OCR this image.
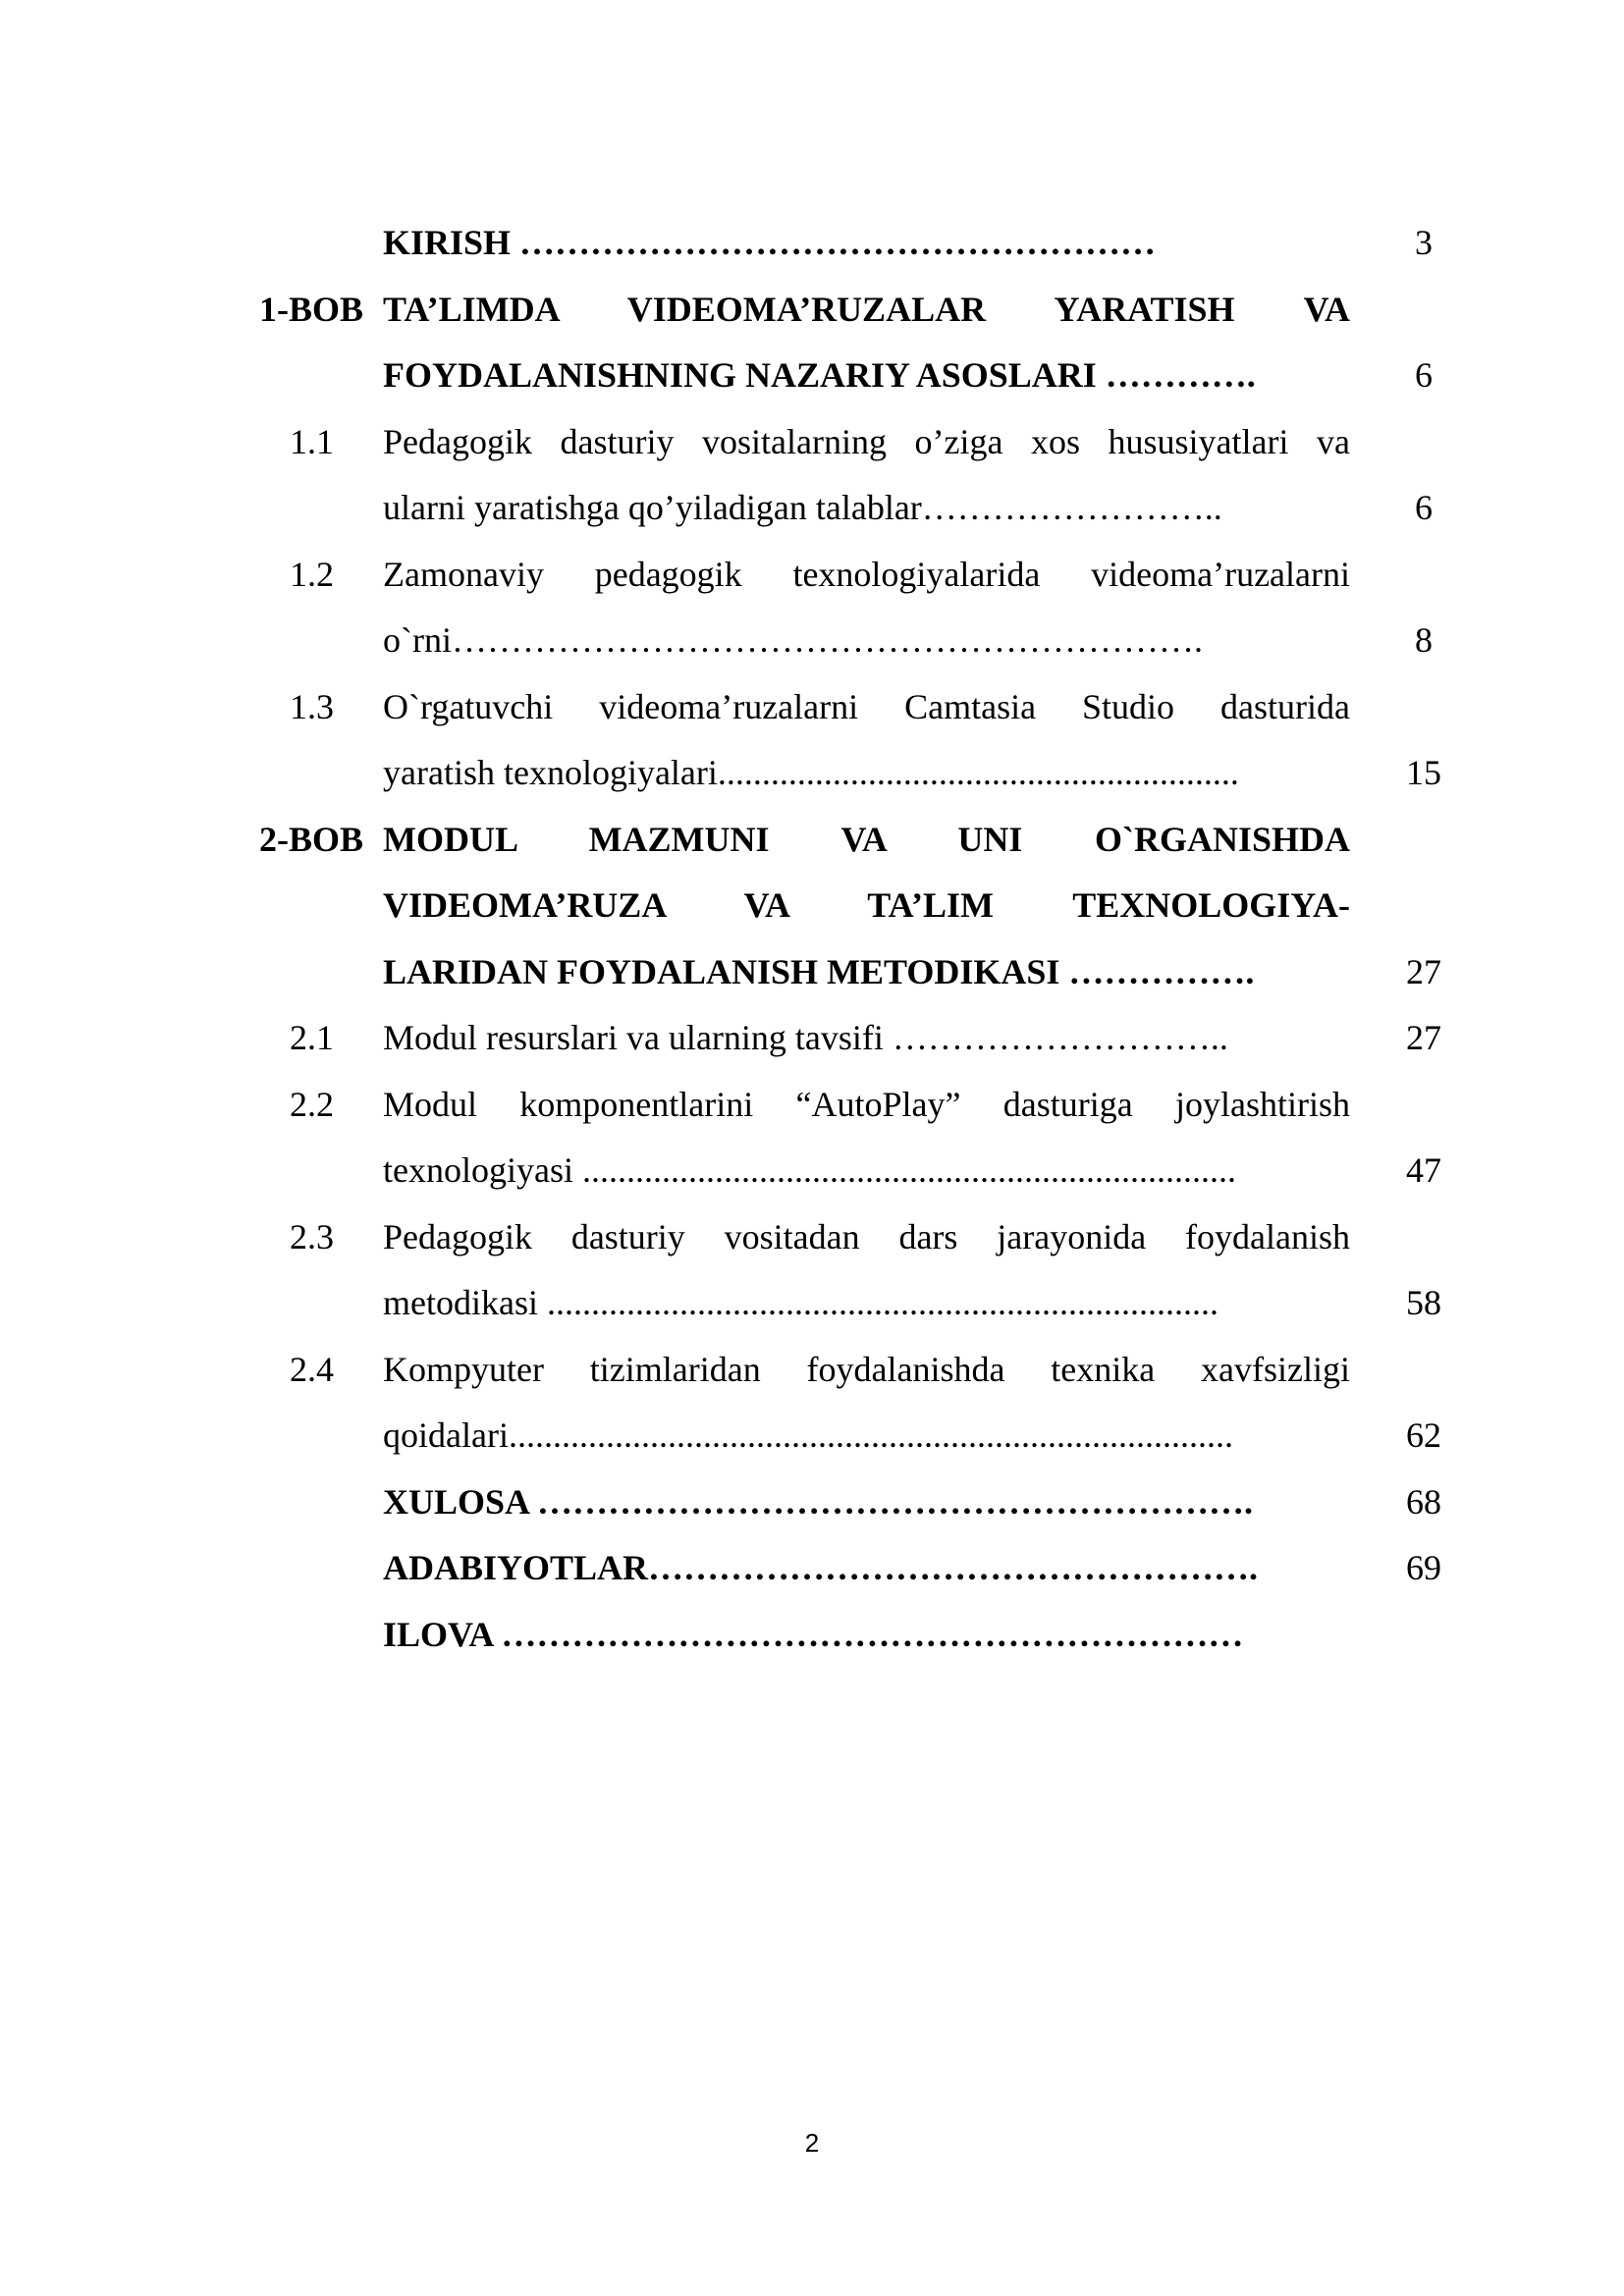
KIRISH ………………………………………………	3
1-BOB TA’LIMDA VIDEOMA’RUZALAR YARATISH VA
FOYDALANISHNING NAZARIY ASOSLARI ………….	6
1.1 Pedagogik dasturiy vositalarning o’ziga xos hususiyatlari va
ularni yaratishga qo’yiladigan talablar……………………..	6
1.2 Zamonaviy pedagogik texnologiyalarida videoma’ruzalarni
o`rni……………………………………………………….	8
1.3 O`rgatuvchi videoma’ruzalarni Camtasia Studio dasturida
yaratish texnologiyalari...........................................................	15
2-BOB MODUL MAZMUNI VA UNI O`RGANISHDA
VIDEOMA’RUZA VA TA’LIM TEXNOLOGIYA-
LARIDAN FOYDALANISH METODIKASI …………….	27
2.1 Modul resurslari va ularning tavsifi ………………………..	27
2.2 Modul komponentlarini “AutoPlay” dasturiga joylashtirish
texnologiyasi ..........................................................................	47
2.3 Pedagogik dasturiy vositadan dars jarayonida foydalanish
metodikasi ............................................................................	58
2.4 Kompyuter tizimlaridan foydalanishda texnika xavfsizligi
qoidalari..................................................................................	62
XULOSA …………………………………………………….	68
ADABIYOTLAR…………………………………………….	69
ILOVA ………………………………………………………
2
